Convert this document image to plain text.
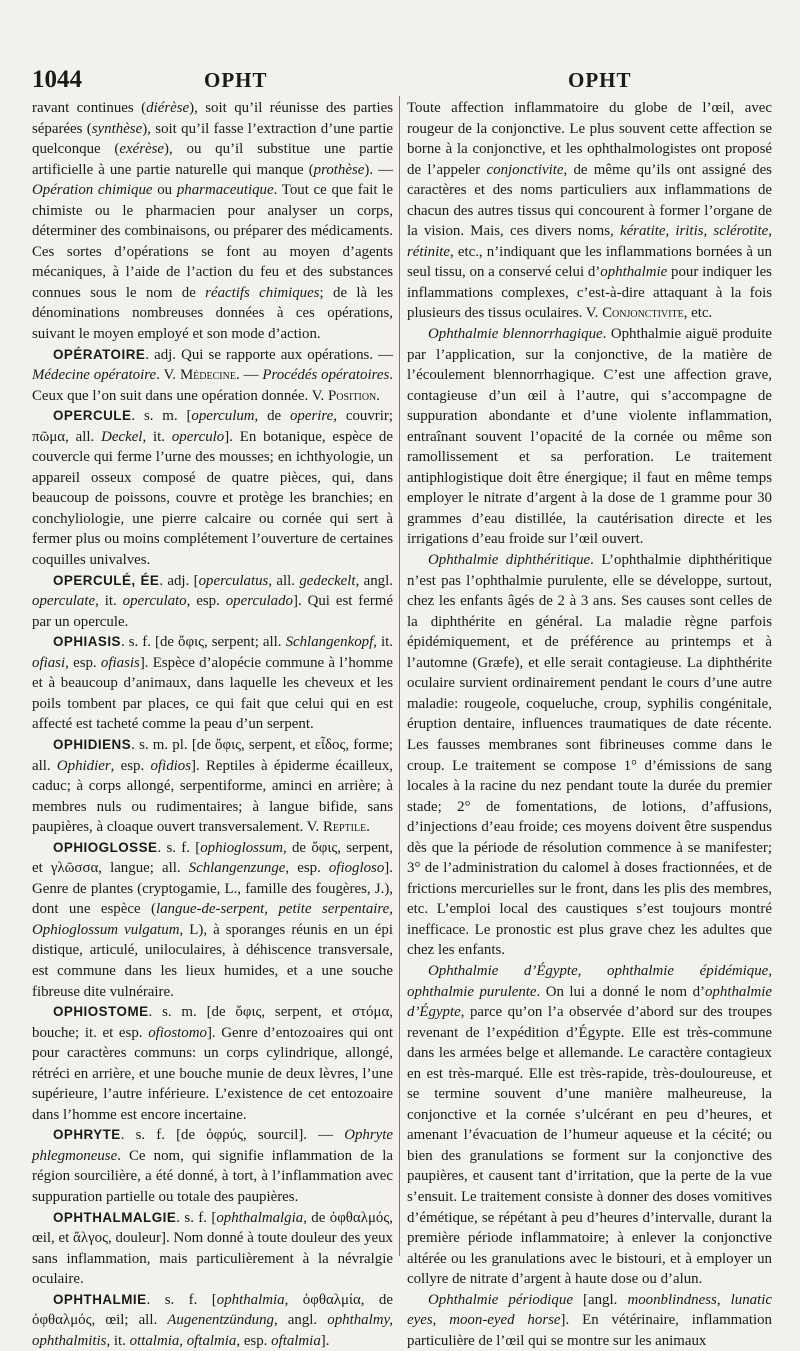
1044	OPHT	OPHT

ravant continues (diérèse), soit qu’il réunisse des parties séparées (synthèse), soit qu’il fasse l’extraction d’une partie quelconque (exérèse), ou qu’il substitue une partie artificielle à une partie naturelle qui manque (prothèse). — Opération chimique ou pharmaceutique. Tout ce que fait le chimiste ou le pharmacien pour analyser un corps, déterminer des combinaisons, ou préparer des médicaments. Ces sortes d’opérations se font au moyen d’agents mécaniques, à l’aide de l’action du feu et des substances connues sous le nom de réactifs chimiques; de là les dénominations nombreuses données à ces opérations, suivant le moyen employé et son mode d’action.

OPÉRATOIRE. adj. Qui se rapporte aux opérations. — Médecine opératoire. V. Médecine. — Procédés opératoires. Ceux que l’on suit dans une opération donnée. V. Position.

OPERCULE. s. m. [operculum, de operire, couvrir; πῶμα, all. Deckel, it. operculo]. En botanique, espèce de couvercle qui ferme l’urne des mousses; en ichthyologie, un appareil osseux composé de quatre pièces, qui, dans beaucoup de poissons, couvre et protège les branchies; en conchyliologie, une pierre calcaire ou cornée qui sert à fermer plus ou moins complétement l’ouverture de certaines coquilles univalves.

OPERCULÉ, ÉE. adj. [operculatus, all. gedeckelt, angl. operculate, it. operculato, esp. operculado]. Qui est fermé par un opercule.

OPHIASIS. s. f. [de ὄφις, serpent; all. Schlangenkopf, it. ofiasi, esp. ofiasis]. Espèce d’alopécie commune à l’homme et à beaucoup d’animaux, dans laquelle les cheveux et les poils tombent par places, ce qui fait que celui qui en est affecté est tacheté comme la peau d’un serpent.

OPHIDIENS. s. m. pl. [de ὄφις, serpent, et εἶδος, forme; all. Ophidier, esp. ofidios]. Reptiles à épiderme écailleux, caduc; à corps allongé, serpentiforme, aminci en arrière; à membres nuls ou rudimentaires; à langue bifide, sans paupières, à cloaque ouvert transversalement. V. Reptile.

OPHIOGLOSSE. s. f. [ophioglossum, de ὄφις, serpent, et γλῶσσα, langue; all. Schlangenzunge, esp. ofiogloso]. Genre de plantes (cryptogamie, L., famille des fougères, J.), dont une espèce (langue-de-serpent, petite serpentaire, Ophioglossum vulgatum, L), à sporanges réunis en un épi distique, articulé, uniloculaires, à déhiscence transversale, est commune dans les lieux humides, et a une souche fibreuse dite vulnéraire.

OPHIOSTOME. s. m. [de ὄφις, serpent, et στόμα, bouche; it. et esp. ofiostomo]. Genre d’entozoaires qui ont pour caractères communs: un corps cylindrique, allongé, rétréci en arrière, et une bouche munie de deux lèvres, l’une supérieure, l’autre inférieure. L’existence de cet entozoaire dans l’homme est encore incertaine.

OPHRYTE. s. f. [de ὀφρύς, sourcil]. — Ophryte phlegmoneuse. Ce nom, qui signifie inflammation de la région sourcilière, a été donné, à tort, à l’inflammation avec suppuration partielle ou totale des paupières.

OPHTHALMALGIE. s. f. [ophthalmalgia, de ὀφθαλμός, œil, et ἄλγος, douleur]. Nom donné à toute douleur des yeux sans inflammation, mais particulièrement à la névralgie oculaire.

OPHTHALMIE. s. f. [ophthalmia, ὀφθαλμία, de ὀφθαλμός, œil; all. Augenentzündung, angl. ophthalmy, ophthalmitis, it. ottalmia, oftalmia, esp. oftalmia].

Toute affection inflammatoire du globe de l’œil, avec rougeur de la conjonctive. Le plus souvent cette affection se borne à la conjonctive, et les ophthalmologistes ont proposé de l’appeler conjonctivite, de même qu’ils ont assigné des caractères et des noms particuliers aux inflammations de chacun des autres tissus qui concourent à former l’organe de la vision. Mais, ces divers noms, kératite, iritis, sclérotite, rétinite, etc., n’indiquant que les inflammations bornées à un seul tissu, on a conservé celui d’ophthalmie pour indiquer les inflammations complexes, c’est-à-dire attaquant à la fois plusieurs des tissus oculaires. V. Conjonctivite, etc.

Ophthalmie blennorrhagique. Ophthalmie aiguë produite par l’application, sur la conjonctive, de la matière de l’écoulement blennorrhagique. C’est une affection grave, contagieuse d’un œil à l’autre, qui s’accompagne de suppuration abondante et d’une violente inflammation, entraînant souvent l’opacité de la cornée ou même son ramollissement et sa perforation. Le traitement antiphlogistique doit être énergique; il faut en même temps employer le nitrate d’argent à la dose de 1 gramme pour 30 grammes d’eau distillée, la cautérisation directe et les irrigations d’eau froide sur l’œil ouvert.

Ophthalmie diphthéritique. L’ophthalmie diphthéritique n’est pas l’ophthalmie purulente, elle se développe, surtout, chez les enfants âgés de 2 à 3 ans. Ses causes sont celles de la diphthérite en général. La maladie règne parfois épidémiquement, et de préférence au printemps et à l’automne (Græfe), et elle serait contagieuse. La diphthérite oculaire survient ordinairement pendant le cours d’une autre maladie: rougeole, coqueluche, croup, syphilis congénitale, éruption dentaire, influences traumatiques de date récente. Les fausses membranes sont fibrineuses comme dans le croup. Le traitement se compose 1° d’émissions de sang locales à la racine du nez pendant toute la durée du premier stade; 2° de fomentations, de lotions, d’affusions, d’injections d’eau froide; ces moyens doivent être suspendus dès que la période de résolution commence à se manifester; 3° de l’administration du calomel à doses fractionnées, et de frictions mercurielles sur le front, dans les plis des membres, etc. L’emploi local des caustiques s’est toujours montré inefficace. Le pronostic est plus grave chez les adultes que chez les enfants.

Ophthalmie d’Égypte, ophthalmie épidémique, ophthalmie purulente. On lui a donné le nom d’ophthalmie d’Égypte, parce qu’on l’a observée d’abord sur des troupes revenant de l’expédition d’Égypte. Elle est très-commune dans les armées belge et allemande. Le caractère contagieux en est très-marqué. Elle est très-rapide, très-douloureuse, et se termine souvent d’une manière malheureuse, la conjonctive et la cornée s’ulcérant en peu d’heures, et amenant l’évacuation de l’humeur aqueuse et la cécité; ou bien des granulations se forment sur la conjonctive des paupières, et causent tant d’irritation, que la perte de la vue s’ensuit. Le traitement consiste à donner des doses vomitives d’émétique, se répétant à peu d’heures d’intervalle, durant la première période inflammatoire; à enlever la conjonctive altérée ou les granulations avec le bistouri, et à employer un collyre de nitrate d’argent à haute dose ou d’alun.

Ophthalmie périodique [angl. moonblindness, lunatic eyes, moon-eyed horse]. En vétérinaire, inflammation particulière de l’œil qui se montre sur les animaux
